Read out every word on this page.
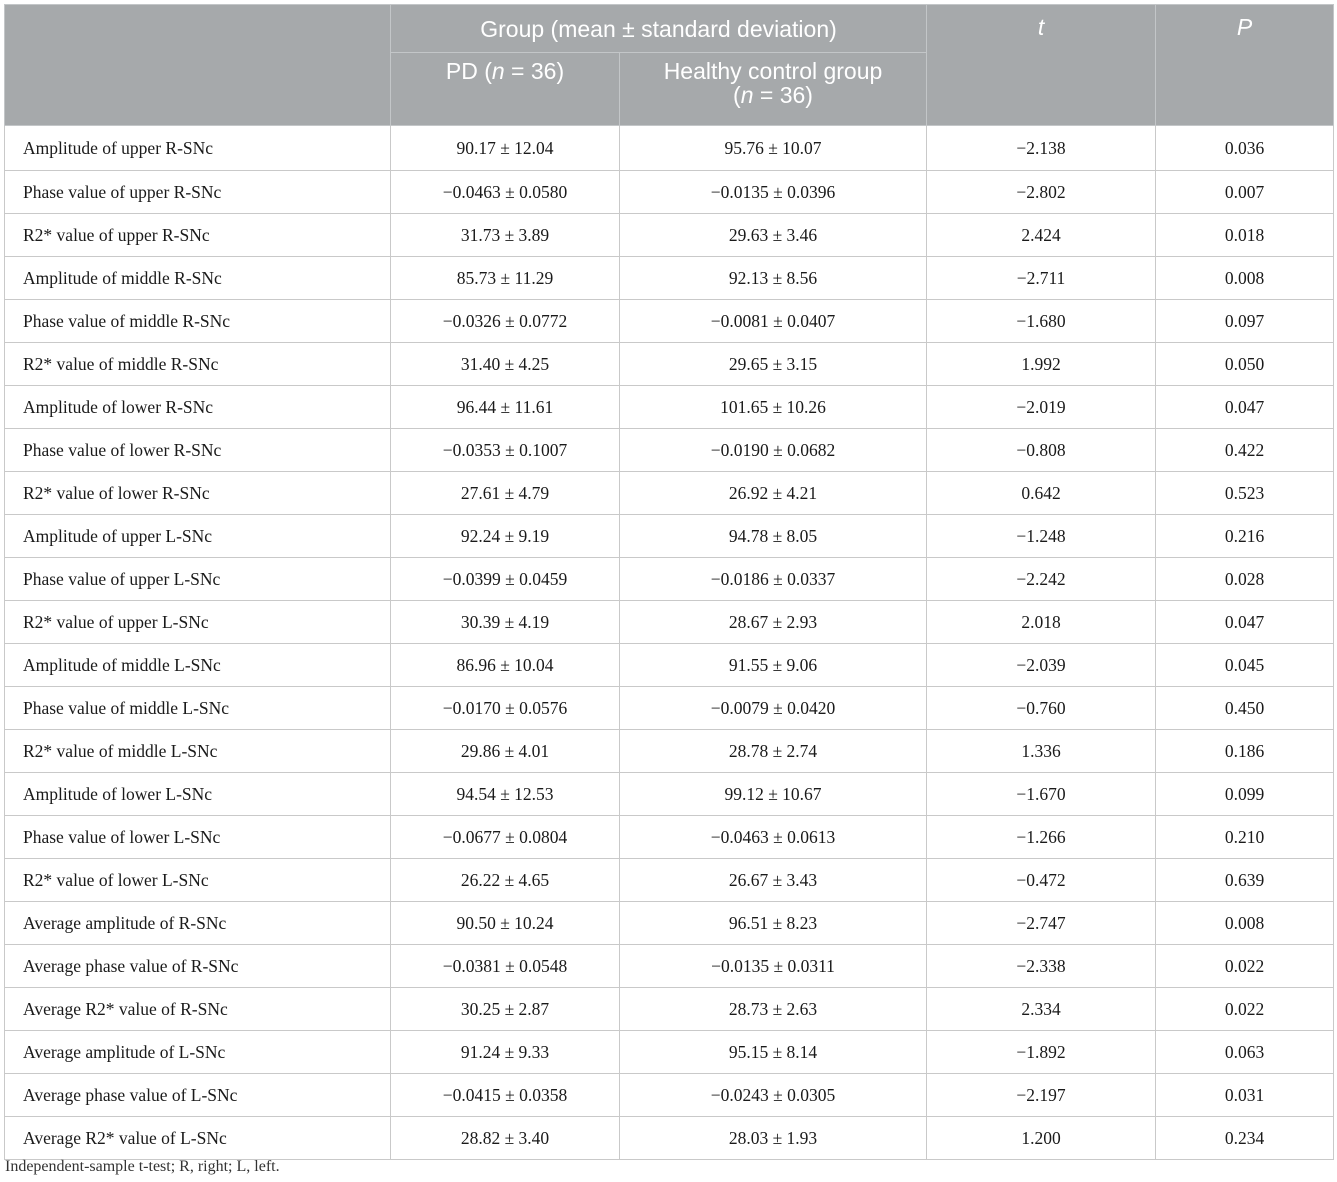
	Group (mean ± standard deviation)		t	P
	PD (n = 36)	Healthy control group
(n = 36)		
Amplitude of upper R-SNc	90.17 ± 12.04	95.76 ± 10.07	−2.138	0.036
Phase value of upper R-SNc	−0.0463 ± 0.0580	−0.0135 ± 0.0396	−2.802	0.007
R2* value of upper R-SNc	31.73 ± 3.89	29.63 ± 3.46	2.424	0.018
Amplitude of middle R-SNc	85.73 ± 11.29	92.13 ± 8.56	−2.711	0.008
Phase value of middle R-SNc	−0.0326 ± 0.0772	−0.0081 ± 0.0407	−1.680	0.097
R2* value of middle R-SNc	31.40 ± 4.25	29.65 ± 3.15	1.992	0.050
Amplitude of lower R-SNc	96.44 ± 11.61	101.65 ± 10.26	−2.019	0.047
Phase value of lower R-SNc	−0.0353 ± 0.1007	−0.0190 ± 0.0682	−0.808	0.422
R2* value of lower R-SNc	27.61 ± 4.79	26.92 ± 4.21	0.642	0.523
Amplitude of upper L-SNc	92.24 ± 9.19	94.78 ± 8.05	−1.248	0.216
Phase value of upper L-SNc	−0.0399 ± 0.0459	−0.0186 ± 0.0337	−2.242	0.028
R2* value of upper L-SNc	30.39 ± 4.19	28.67 ± 2.93	2.018	0.047
Amplitude of middle L-SNc	86.96 ± 10.04	91.55 ± 9.06	−2.039	0.045
Phase value of middle L-SNc	−0.0170 ± 0.0576	−0.0079 ± 0.0420	−0.760	0.450
R2* value of middle L-SNc	29.86 ± 4.01	28.78 ± 2.74	1.336	0.186
Amplitude of lower L-SNc	94.54 ± 12.53	99.12 ± 10.67	−1.670	0.099
Phase value of lower L-SNc	−0.0677 ± 0.0804	−0.0463 ± 0.0613	−1.266	0.210
R2* value of lower L-SNc	26.22 ± 4.65	26.67 ± 3.43	−0.472	0.639
Average amplitude of R-SNc	90.50 ± 10.24	96.51 ± 8.23	−2.747	0.008
Average phase value of R-SNc	−0.0381 ± 0.0548	−0.0135 ± 0.0311	−2.338	0.022
Average R2* value of R-SNc	30.25 ± 2.87	28.73 ± 2.63	2.334	0.022
Average amplitude of L-SNc	91.24 ± 9.33	95.15 ± 8.14	−1.892	0.063
Average phase value of L-SNc	−0.0415 ± 0.0358	−0.0243 ± 0.0305	−2.197	0.031
Average R2* value of L-SNc	28.82 ± 3.40	28.03 ± 1.93	1.200	0.234
Independent-sample t-test; R, right; L, left.
